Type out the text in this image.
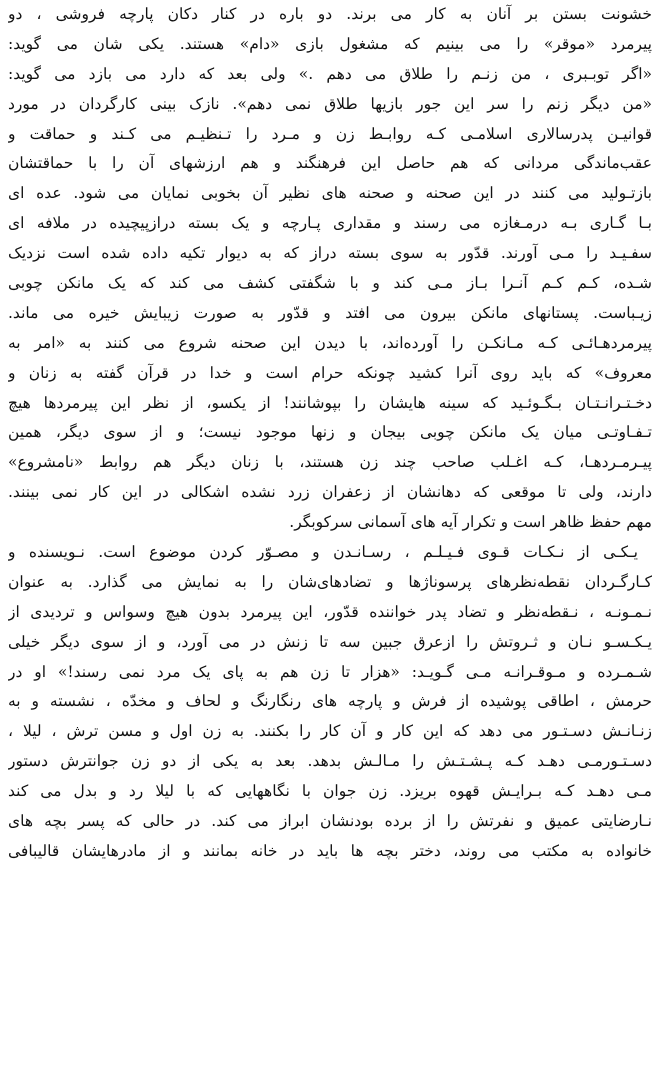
خشونت بستن بر آنان به کار می برند. دو باره در کنار دکان پارچه فروشی ، دو
پیرمرد «موقر» را می بینیم که مشغول بازی «دام» هستند. یکی شان می گوید:
«اگر توبـبری ، من زنـم را طلاق می دهم .» ولی بعد که دارد می بازد می گوید:
«من دیگر زنم را سر این جور بازیها طلاق نمی دهم». نازک بینی کارگردان در مورد
قوانیـن پدرسالاری اسلامـی کـه روابـط زن و مـرد را تـنظیـم می کـند و حماقت و
عقب‌ماندگی مردانی که هم حاصل این فرهنگند و هم ارزشهای آن را با حماقتشان
بازتـولید می کنند در این صحنه و صحنه های نظیر آن بخوبی نمایان می شود. عده ای
بـا گـاری بـه درمـغازه می رسند و مقداری پـارچه و یک بسته درازپیچیده در ملافه ای
سفـیـد را مـی آورند. قدّور به سوی بسته دراز که به دیوار تکیه داده شده است نزدیک
شـده، کـم کـم آنـرا بـاز مـی کند و با شگفتی کشف می کند که یک مانکن چوبی
زیـباست. پستانهای مانکن بیرون می افتد و قدّور به صورت زیبایش خیره می ماند.
پیرمردهـائـی کـه مـانکـن را آورده‌اند، با دیدن این صحنه شروع می کنند به «امر به
معروف» که باید روی آنرا کشید چونکه حرام است و خدا در قرآن گفته به زنان و
دخـتـرانـتـان بـگـوئـید که سینه هایشان را بپوشانند! از یکسو، از نظر این پیرمردها هیچ
تـفـاوتـی میان یک مانکن چوبی بیجان و زنها موجود نیست؛ و از سوی دیگر، همین
پیـرمـردهـا، کـه اغـلب صاحب چند زن هستند، با زنان دیگر هم روابط «نامشروع»
دارند، ولی تا موقعی که دهانشان از زعفران زرد نشده اشکالی در این کار نمی بینند.
مهم حفظ ظاهر است و تکرار آیه های آسمانی سرکوبگر.
یـکـی از نـکـات قـوی فـیـلـم ، رسـانـدن و مصـوّر کردن موضوع است. نـویسنده و
کـارگـردان نقطه‌نظرهای پرسوناژها و تضادهای‌شان را به نمایش می گذارد. به عنوان
نـمـونـه ، نـقطه‌نظر و تضاد پدر خواننده قدّور، این پیرمرد بدون هیچ وسواس و تردیدی از
یـکـسـو نـان و ثـروتش را ازعرق جبین سه تا زنش در می آورد، و از سوی دیگر خیلی
شـمـرده و مـوقـرانـه مـی گـویـد: «هزار تا زن هم به پای یک مرد نمی رسند!» او در
حرمش ، اطاقی پوشیده از فرش و پارچه های رنگارنگ و لحاف و مخدّه ، نشسته و به
زنـانـش دسـتـور می دهد که این کار و آن کار را بکنند. به زن اول و مسن ترش ، لیلا ،
دسـتـورمـی دهـد کـه پـشـتـش را مـالـش بدهد. بعد به یکی از دو زن جوانترش دستور
مـی دهـد کـه بـرایـش قهوه بریزد. زن جوان با نگاههایی که با لیلا رد و بدل می کند
نـارضایتی عمیق و نفرتش را از برده بودنشان ابراز می کند. در حالی که پسر بچه های
خانواده به مکتب می روند، دختر بچه ها باید در خانه بمانند و از مادرهایشان قالیبافی
